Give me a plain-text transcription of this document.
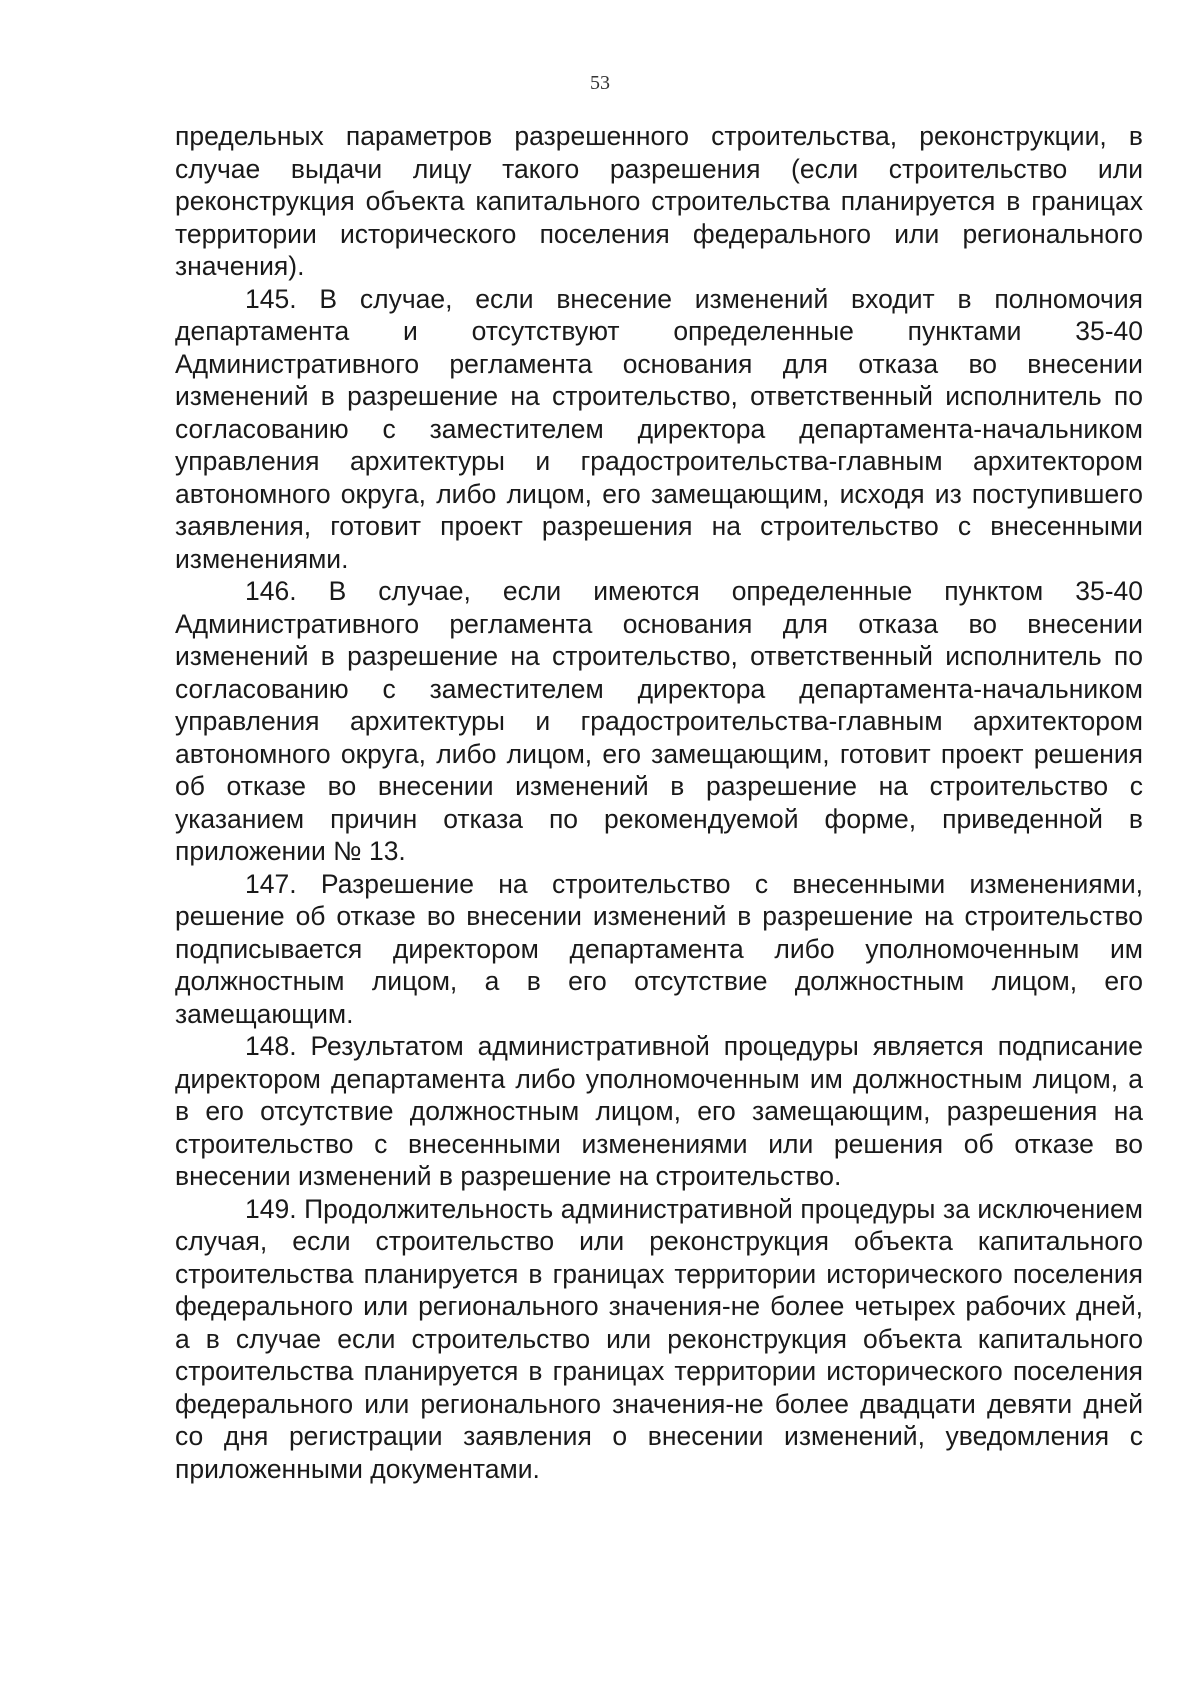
53

предельных параметров разрешенного строительства, реконструкции, в случае выдачи лицу такого разрешения (если строительство или реконструкция объекта капитального строительства планируется в границах территории исторического поселения федерального или регионального значения).

145. В случае, если внесение изменений входит в полномочия департамента и отсутствуют определенные пунктами 35-40 Административного регламента основания для отказа во внесении изменений в разрешение на строительство, ответственный исполнитель по согласованию с заместителем директора департамента-начальником управления архитектуры и градостроительства-главным архитектором автономного округа, либо лицом, его замещающим, исходя из поступившего заявления, готовит проект разрешения на строительство с внесенными изменениями.

146. В случае, если имеются определенные пунктом 35-40 Административного регламента основания для отказа во внесении изменений в разрешение на строительство, ответственный исполнитель по согласованию с заместителем директора департамента-начальником управления архитектуры и градостроительства-главным архитектором автономного округа, либо лицом, его замещающим, готовит проект решения об отказе во внесении изменений в разрешение на строительство с указанием причин отказа по рекомендуемой форме, приведенной в приложении № 13.

147. Разрешение на строительство с внесенными изменениями, решение об отказе во внесении изменений в разрешение на строительство подписывается директором департамента либо уполномоченным им должностным лицом, а в его отсутствие должностным лицом, его замещающим.

148. Результатом административной процедуры является подписание директором департамента либо уполномоченным им должностным лицом, а в его отсутствие должностным лицом, его замещающим, разрешения на строительство с внесенными изменениями или решения об отказе во внесении изменений в разрешение на строительство.

149. Продолжительность административной процедуры за исключением случая, если строительство или реконструкция объекта капитального строительства планируется в границах территории исторического поселения федерального или регионального значения-не более четырех рабочих дней, а в случае если строительство или реконструкция объекта капитального строительства планируется в границах территории исторического поселения федерального или регионального значения-не более двадцати девяти дней со дня регистрации заявления о внесении изменений, уведомления с приложенными документами.
